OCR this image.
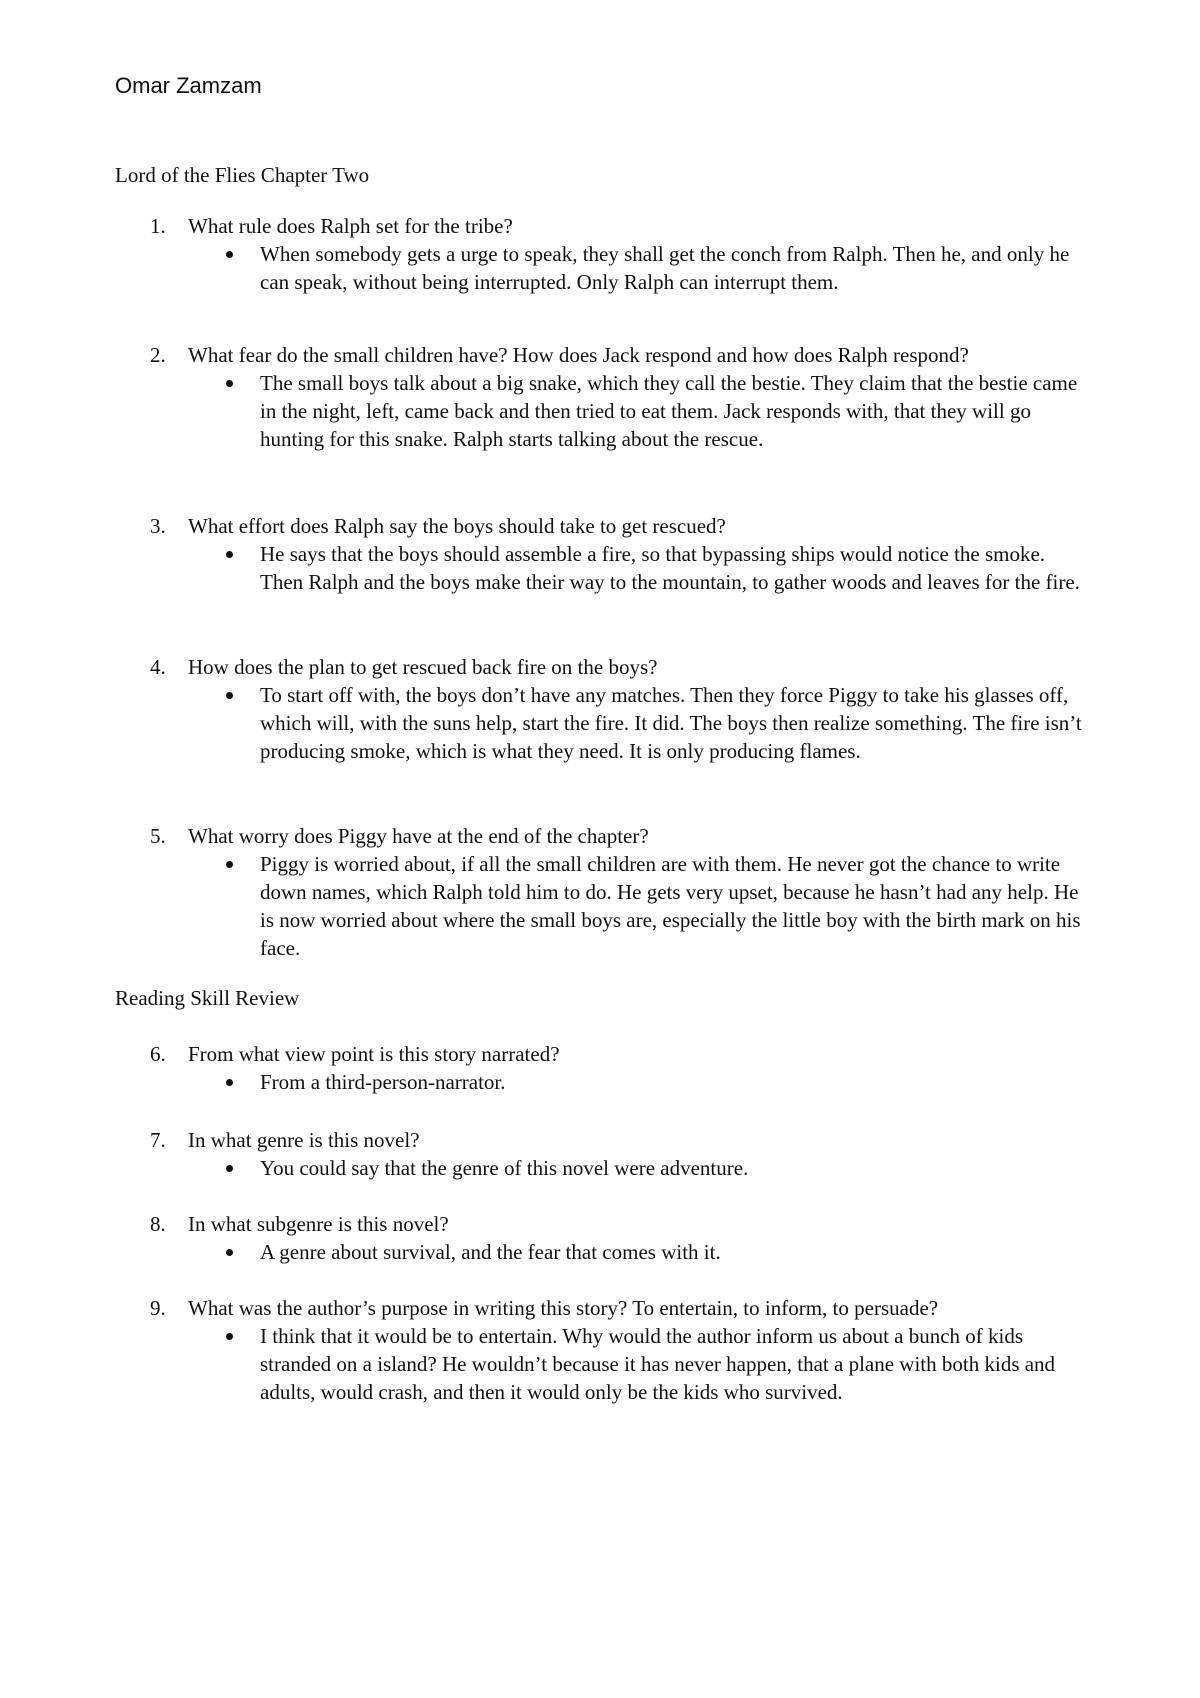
Omar Zamzam
Lord of the Flies Chapter Two
1.	What rule does Ralph set for the tribe?
When somebody gets a urge to speak, they shall get the conch from Ralph. Then he, and only he can speak, without being interrupted. Only Ralph can interrupt them.
2.	What fear do the small children have? How does Jack respond and how does Ralph respond?
The small boys talk about a big snake, which they call the bestie. They claim that the bestie came in the night, left, came back and then tried to eat them. Jack responds with, that they will go hunting for this snake. Ralph starts talking about the rescue.
3.	What effort does Ralph say the boys should take to get rescued?
He says that the boys should assemble a fire, so that bypassing ships would notice the smoke. Then Ralph and the boys make their way to the mountain, to gather woods and leaves for the fire.
4.	How does the plan to get rescued back fire on the boys?
To start off with, the boys don’t have any matches. Then they force Piggy to take his glasses off, which will, with the suns help, start the fire. It did. The boys then realize something. The fire isn’t producing smoke, which is what they need. It is only producing flames.
5.	What worry does Piggy have at the end of the chapter?
Piggy is worried about, if all the small children are with them. He never got the chance to write down names, which Ralph told him to do. He gets very upset, because he hasn’t had any help. He is now worried about where the small boys are, especially the little boy with the birth mark on his face.
Reading Skill Review
6.	From what view point is this story narrated?
From a third-person-narrator.
7.	In what genre is this novel?
You could say that the genre of this novel were adventure.
8.	In what subgenre is this novel?
A genre about survival, and the fear that comes with it.
9.	What was the author’s purpose in writing this story? To entertain, to inform, to persuade?
I think that it would be to entertain. Why would the author inform us about a bunch of kids stranded on a island? He wouldn’t because it has never happen, that a plane with both kids and adults, would crash, and then it would only be the kids who survived.
